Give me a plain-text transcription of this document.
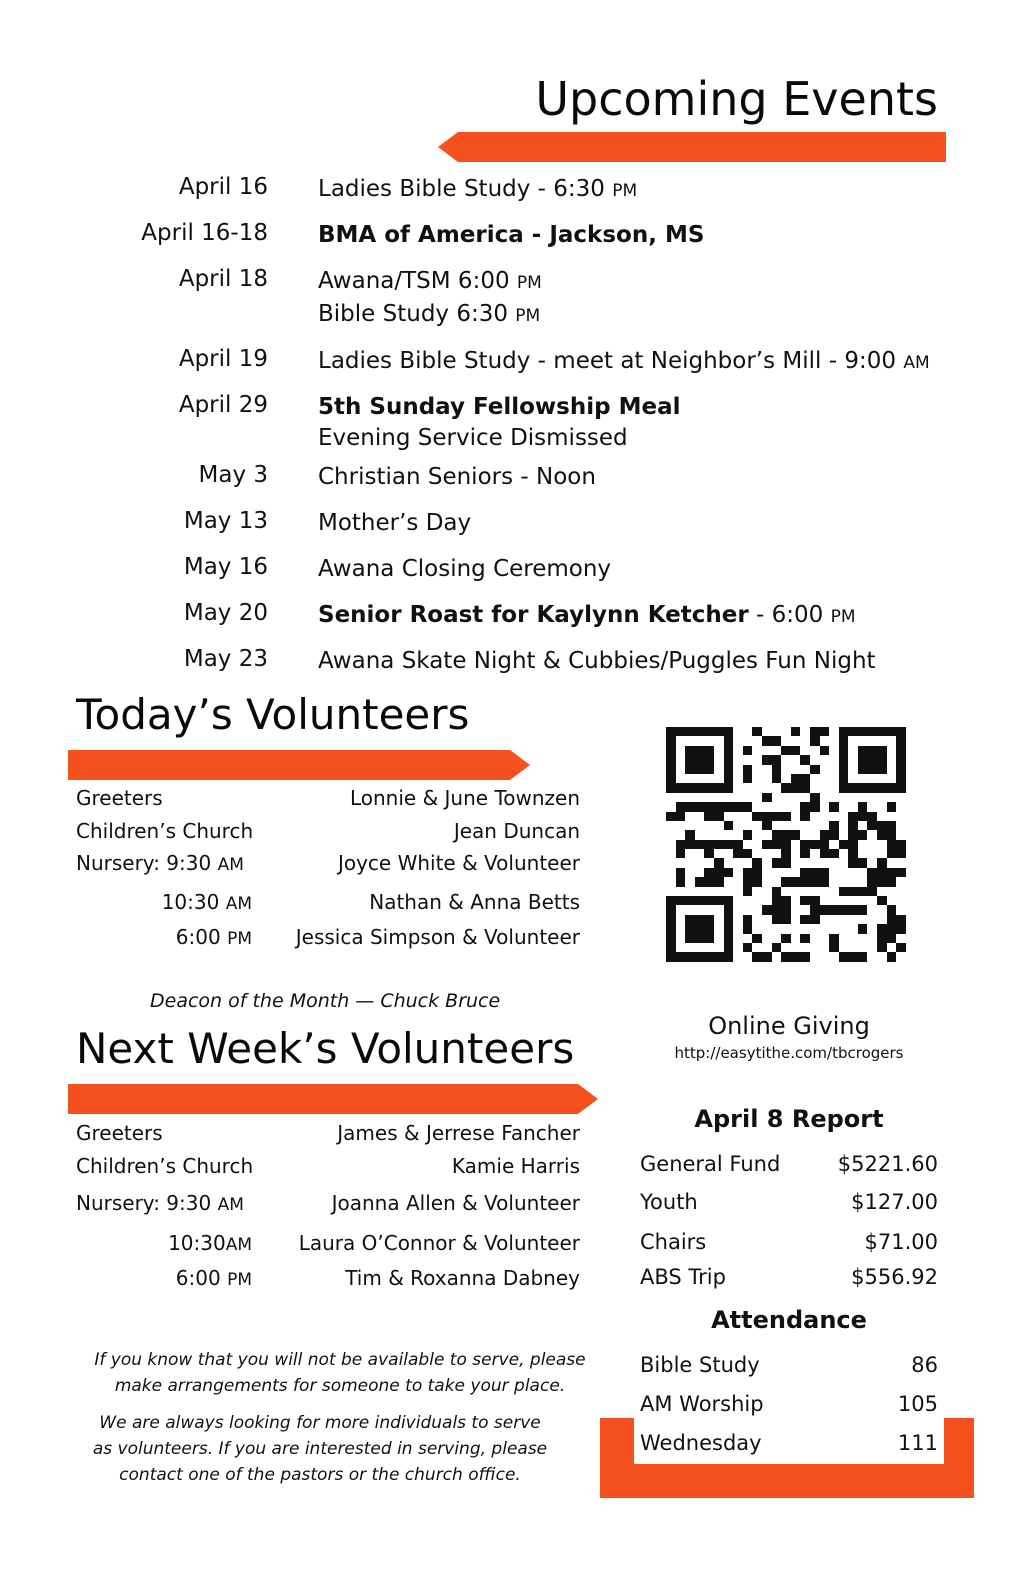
Upcoming Events
April 16 Ladies Bible Study - 6:30 PM
April 16-18 BMA of America - Jackson, MS
April 18 Awana/TSM 6:00 PM
Bible Study 6:30 PM
April 19 Ladies Bible Study - meet at Neighbor’s Mill - 9:00 AM
April 29 5th Sunday Fellowship Meal
Evening Service Dismissed
May 3 Christian Seniors - Noon
May 13 Mother’s Day
May 16 Awana Closing Ceremony
May 20 Senior Roast for Kaylynn Ketcher - 6:00 PM
May 23 Awana Skate Night & Cubbies/Puggles Fun Night
Today’s Volunteers
Greeters	Lonnie & June Townzen
Children’s Church	Jean Duncan
Nursery: 9:30 AM	Joyce White & Volunteer
10:30 AM	Nathan & Anna Betts
6:00 PM Jessica Simpson & Volunteer
Deacon of the Month — Chuck Bruce
Next Week’s Volunteers
Greeters	James & Jerrese Fancher
Children’s Church	Kamie Harris
Nursery: 9:30 AM	Joanna Allen & Volunteer
10:30AM Laura O’Connor & Volunteer
6:00 PM	Tim & Roxanna Dabney
If you know that you will not be available to serve, please
make arrangements for someone to take your place.
We are always looking for more individuals to serve
as volunteers. If you are interested in serving, please
contact one of the pastors or the church office.
Online Giving
http://easytithe.com/tbcrogers
April 8 Report
General Fund	$5221.60
Youth	$127.00
Chairs	$71.00
ABS Trip	$556.92
Attendance
Bible Study	86
AM Worship	105
Wednesday	111
